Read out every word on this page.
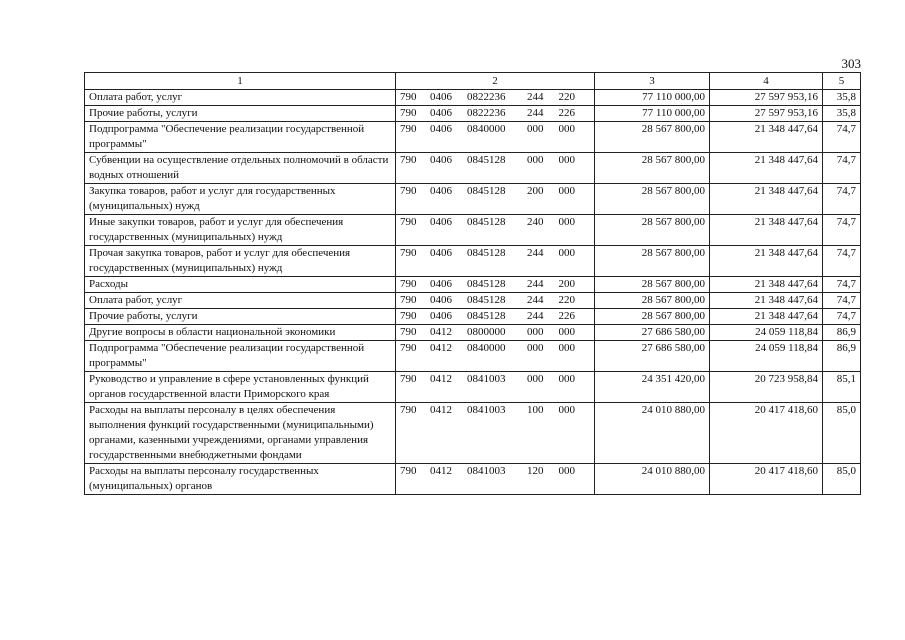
303
1	2	3	4	5
Оплата работ, услуг	790 0406 0822236 244 220	77 110 000,00	27 597 953,16	35,8
Прочие работы, услуги	790 0406 0822236 244 226	77 110 000,00	27 597 953,16	35,8
Подпрограмма "Обеспечение реализации государственной программы"	790 0406 0840000 000 000	28 567 800,00	21 348 447,64	74,7
Субвенции на осуществление отдельных полномочий в области водных отношений	790 0406 0845128 000 000	28 567 800,00	21 348 447,64	74,7
Закупка товаров, работ и услуг для государственных (муниципальных) нужд	790 0406 0845128 200 000	28 567 800,00	21 348 447,64	74,7
Иные закупки товаров, работ и услуг для обеспечения государственных (муниципальных) нужд	790 0406 0845128 240 000	28 567 800,00	21 348 447,64	74,7
Прочая закупка товаров, работ и услуг для обеспечения государственных (муниципальных) нужд	790 0406 0845128 244 000	28 567 800,00	21 348 447,64	74,7
Расходы	790 0406 0845128 244 200	28 567 800,00	21 348 447,64	74,7
Оплата работ, услуг	790 0406 0845128 244 220	28 567 800,00	21 348 447,64	74,7
Прочие работы, услуги	790 0406 0845128 244 226	28 567 800,00	21 348 447,64	74,7
Другие вопросы в области национальной экономики	790 0412 0800000 000 000	27 686 580,00	24 059 118,84	86,9
Подпрограмма "Обеспечение реализации государственной программы"	790 0412 0840000 000 000	27 686 580,00	24 059 118,84	86,9
Руководство и управление в сфере установленных функций органов государственной власти Приморского края	790 0412 0841003 000 000	24 351 420,00	20 723 958,84	85,1
Расходы на выплаты персоналу в целях обеспечения выполнения функций государственными (муниципальными) органами, казенными учреждениями, органами управления государственными внебюджетными фондами	790 0412 0841003 100 000	24 010 880,00	20 417 418,60	85,0
Расходы на выплаты персоналу государственных (муниципальных) органов	790 0412 0841003 120 000	24 010 880,00	20 417 418,60	85,0
